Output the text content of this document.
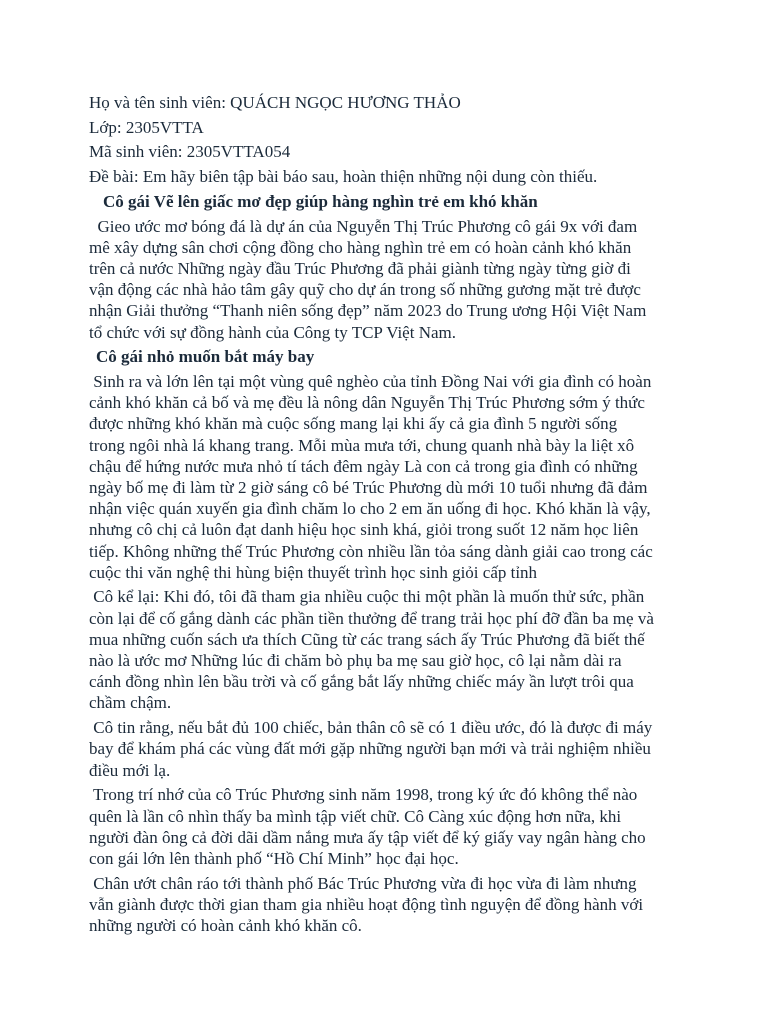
Họ và tên sinh viên: QUÁCH NGỌC HƯƠNG THẢO
Lớp: 2305VTTA
Mã sinh viên: 2305VTTA054
Đề bài: Em hãy biên tập bài báo sau, hoàn thiện những nội dung còn thiếu.
Cô gái Vẽ lên giấc mơ đẹp giúp hàng nghìn trẻ em khó khăn
Gieo ước mơ bóng đá là dự án của Nguyễn Thị Trúc Phương cô gái 9x với đam
mê xây dựng sân chơi cộng đồng cho hàng nghìn trẻ em có hoàn cảnh khó khăn
trên cả nước Những ngày đầu Trúc Phương đã phải giành từng ngày từng giờ đi
vận động các nhà hảo tâm gây quỹ cho dự án trong số những gương mặt trẻ được
nhận Giải thưởng “Thanh niên sống đẹp” năm 2023 do Trung ương Hội Việt Nam
tổ chức với sự đồng hành của Công ty TCP Việt Nam.
Cô gái nhỏ muốn bắt máy bay
Sinh ra và lớn lên tại một vùng quê nghèo của tỉnh Đồng Nai với gia đình có hoàn
cảnh khó khăn cả bố và mẹ đều là nông dân Nguyễn Thị Trúc Phương sớm ý thức
được những khó khăn mà cuộc sống mang lại khi ấy cả gia đình 5 người sống
trong ngôi nhà lá khang trang. Mỗi mùa mưa tới, chung quanh nhà bày la liệt xô
chậu để hứng nước mưa nhỏ tí tách đêm ngày Là con cả trong gia đình có những
ngày bố mẹ đi làm từ 2 giờ sáng cô bé Trúc Phương dù mới 10 tuổi nhưng đã đảm
nhận việc quán xuyến gia đình chăm lo cho 2 em ăn uống đi học. Khó khăn là vậy,
nhưng cô chị cả luôn đạt danh hiệu học sinh khá, giỏi trong suốt 12 năm học liên
tiếp. Không những thế Trúc Phương còn nhiều lần tỏa sáng dành giải cao trong các
cuộc thi văn nghệ thi hùng biện thuyết trình học sinh giỏi cấp tỉnh
Cô kể lại: Khi đó, tôi đã tham gia nhiều cuộc thi một phần là muốn thử sức, phần
còn lại để cố gắng dành các phần tiền thưởng để trang trải học phí đỡ đần ba mẹ và
mua những cuốn sách ưa thích Cũng từ các trang sách ấy Trúc Phương đã biết thế
nào là ước mơ Những lúc đi chăm bò phụ ba mẹ sau giờ học, cô lại nằm dài ra
cánh đồng nhìn lên bầu trời và cố gắng bắt lấy những chiếc máy ần lượt trôi qua
chầm chậm.
Cô tin rằng, nếu bắt đủ 100 chiếc, bản thân cô sẽ có 1 điều ước, đó là được đi máy
bay để khám phá các vùng đất mới gặp những người bạn mới và trải nghiệm nhiều
điều mới lạ.
Trong trí nhớ của cô Trúc Phương sinh năm 1998, trong ký ức đó không thể nào
quên là lần cô nhìn thấy ba mình tập viết chữ. Cô Càng xúc động hơn nữa, khi
người đàn ông cả đời dãi dầm nắng mưa ấy tập viết để ký giấy vay ngân hàng cho
con gái lớn lên thành phố “Hồ Chí Minh” học đại học.
Chân ướt chân ráo tới thành phố Bác Trúc Phương vừa đi học vừa đi làm nhưng
vẫn giành được thời gian tham gia nhiều hoạt động tình nguyện để đồng hành với
những người có hoàn cảnh khó khăn cô.
